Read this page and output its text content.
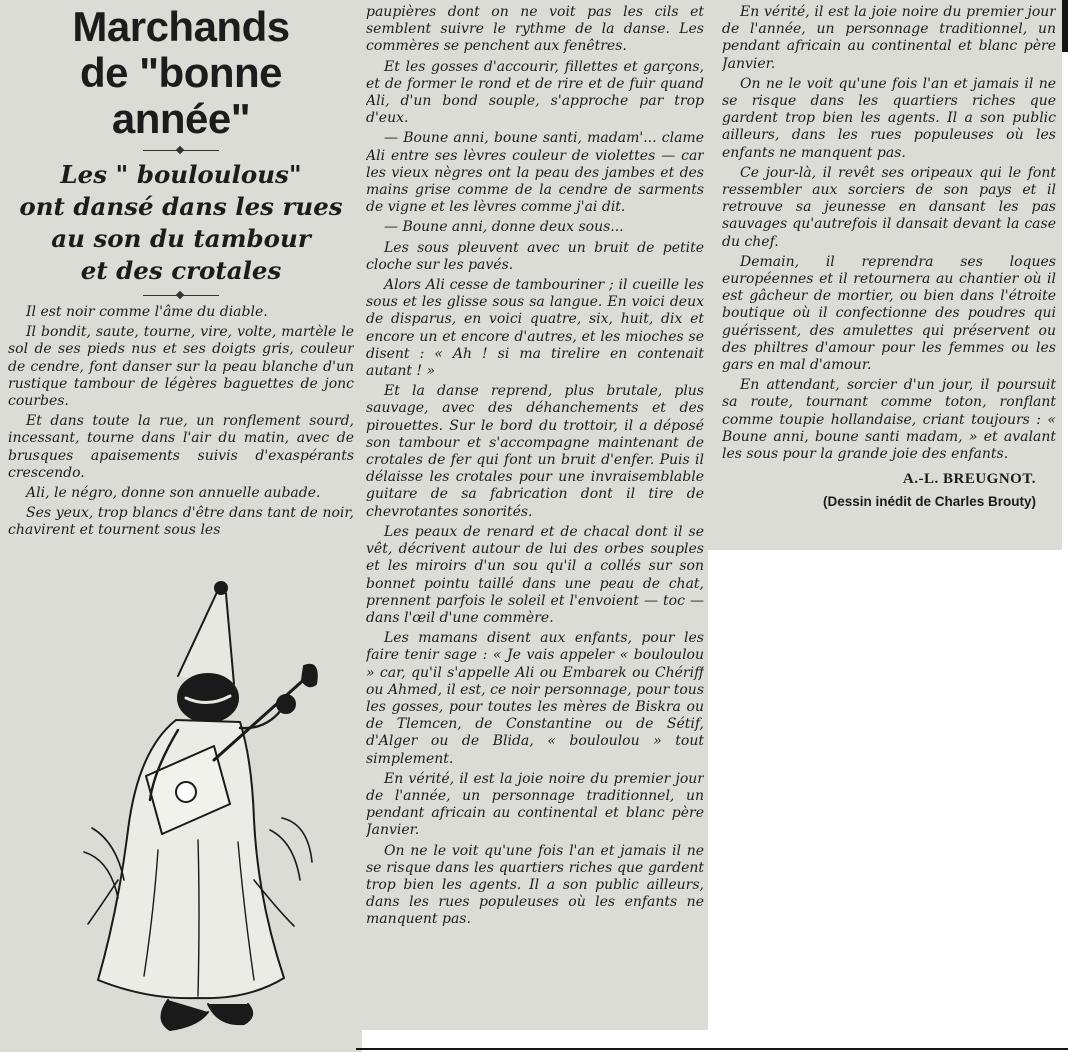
Marchands

de "bonne année"

Les " bouloulous"

ont dansé dans les rues

au son du tambour

et des crotales

Il est noir comme l'âme du diable.

Il bondit, saute, tourne, vire, volte, martèle le sol de ses pieds nus et ses doigts gris, couleur de cendre, font danser sur la peau blanche d'un rustique tambour de légères baguettes de jonc courbes.

Et dans toute la rue, un ronflement sourd, incessant, tourne dans l'air du matin, avec de brusques apaisements suivis d'exaspérants crescendo.

Ali, le négro, donne son annuelle aubade.

Ses yeux, trop blancs d'être dans tant de noir, chavirent et tournent sous les

paupières dont on ne voit pas les cils et semblent suivre le rythme de la danse. Les commères se penchent aux fenêtres.

Et les gosses d'accourir, fillettes et garçons, et de former le rond et de rire et de fuir quand Ali, d'un bond souple, s'approche par trop d'eux.

— Boune anni, boune santi, madam'... clame Ali entre ses lèvres couleur de violettes — car les vieux nègres ont la peau des jambes et des mains grise comme de la cendre de sarments de vigne et les lèvres comme j'ai dit.

— Boune anni, donne deux sous...

Les sous pleuvent avec un bruit de petite cloche sur les pavés.

Alors Ali cesse de tambouriner ; il cueille les sous et les glisse sous sa langue. En voici deux de disparus, en voici quatre, six, huit, dix et encore un et encore d'autres, et les mioches se disent : « Ah ! si ma tirelire en contenait autant ! »

Et la danse reprend, plus brutale, plus sauvage, avec des déhanchements et des pirouettes. Sur le bord du trottoir, il a déposé son tambour et s'accompagne maintenant de crotales de fer qui font un bruit d'enfer. Puis il délaisse les crotales pour une invraisemblable guitare de sa fabrication dont il tire de chevrotantes sonorités.

Les peaux de renard et de chacal dont il se vêt, décrivent autour de lui des orbes souples et les miroirs d'un sou qu'il a collés sur son bonnet pointu taillé dans une peau de chat, prennent parfois le soleil et l'envoient — toc — dans l'œil d'une commère.

Les mamans disent aux enfants, pour les faire tenir sage : « Je vais appeler « bouloulou » car, qu'il s'appelle Ali ou Embarek ou Chériff ou Ahmed, il est, ce noir personnage, pour tous les gosses, pour toutes les mères de Biskra ou de Tlemcen, de Constantine ou de Sétif, d'Alger ou de Blida, « bouloulou » tout simplement.

En vérité, il est la joie noire du premier jour de l'année, un personnage traditionnel, un pendant africain au continental et blanc père Janvier.

On ne le voit qu'une fois l'an et jamais il ne se risque dans les quartiers riches que gardent trop bien les agents. Il a son public ailleurs, dans les rues populeuses où les enfants ne manquent pas.

En vérité, il est la joie noire du premier jour de l'année, un personnage traditionnel, un pendant africain au continental et blanc père Janvier.

On ne le voit qu'une fois l'an et jamais il ne se risque dans les quartiers riches que gardent trop bien les agents. Il a son public ailleurs, dans les rues populeuses où les enfants ne manquent pas.

Ce jour-là, il revêt ses oripeaux qui le font ressembler aux sorciers de son pays et il retrouve sa jeunesse en dansant les pas sauvages qu'autrefois il dansait devant la case du chef.

Demain, il reprendra ses loques européennes et il retournera au chantier où il est gâcheur de mortier, ou bien dans l'étroite boutique où il confectionne des poudres qui guérissent, des amulettes qui préservent ou des philtres d'amour pour les femmes ou les gars en mal d'amour.

En attendant, sorcier d'un jour, il poursuit sa route, tournant comme toton, ronflant comme toupie hollandaise, criant toujours : « Boune anni, boune santi madam, » et avalant les sous pour la grande joie des enfants.

A.-L. BREUGNOT.

(Dessin inédit de Charles Brouty)
